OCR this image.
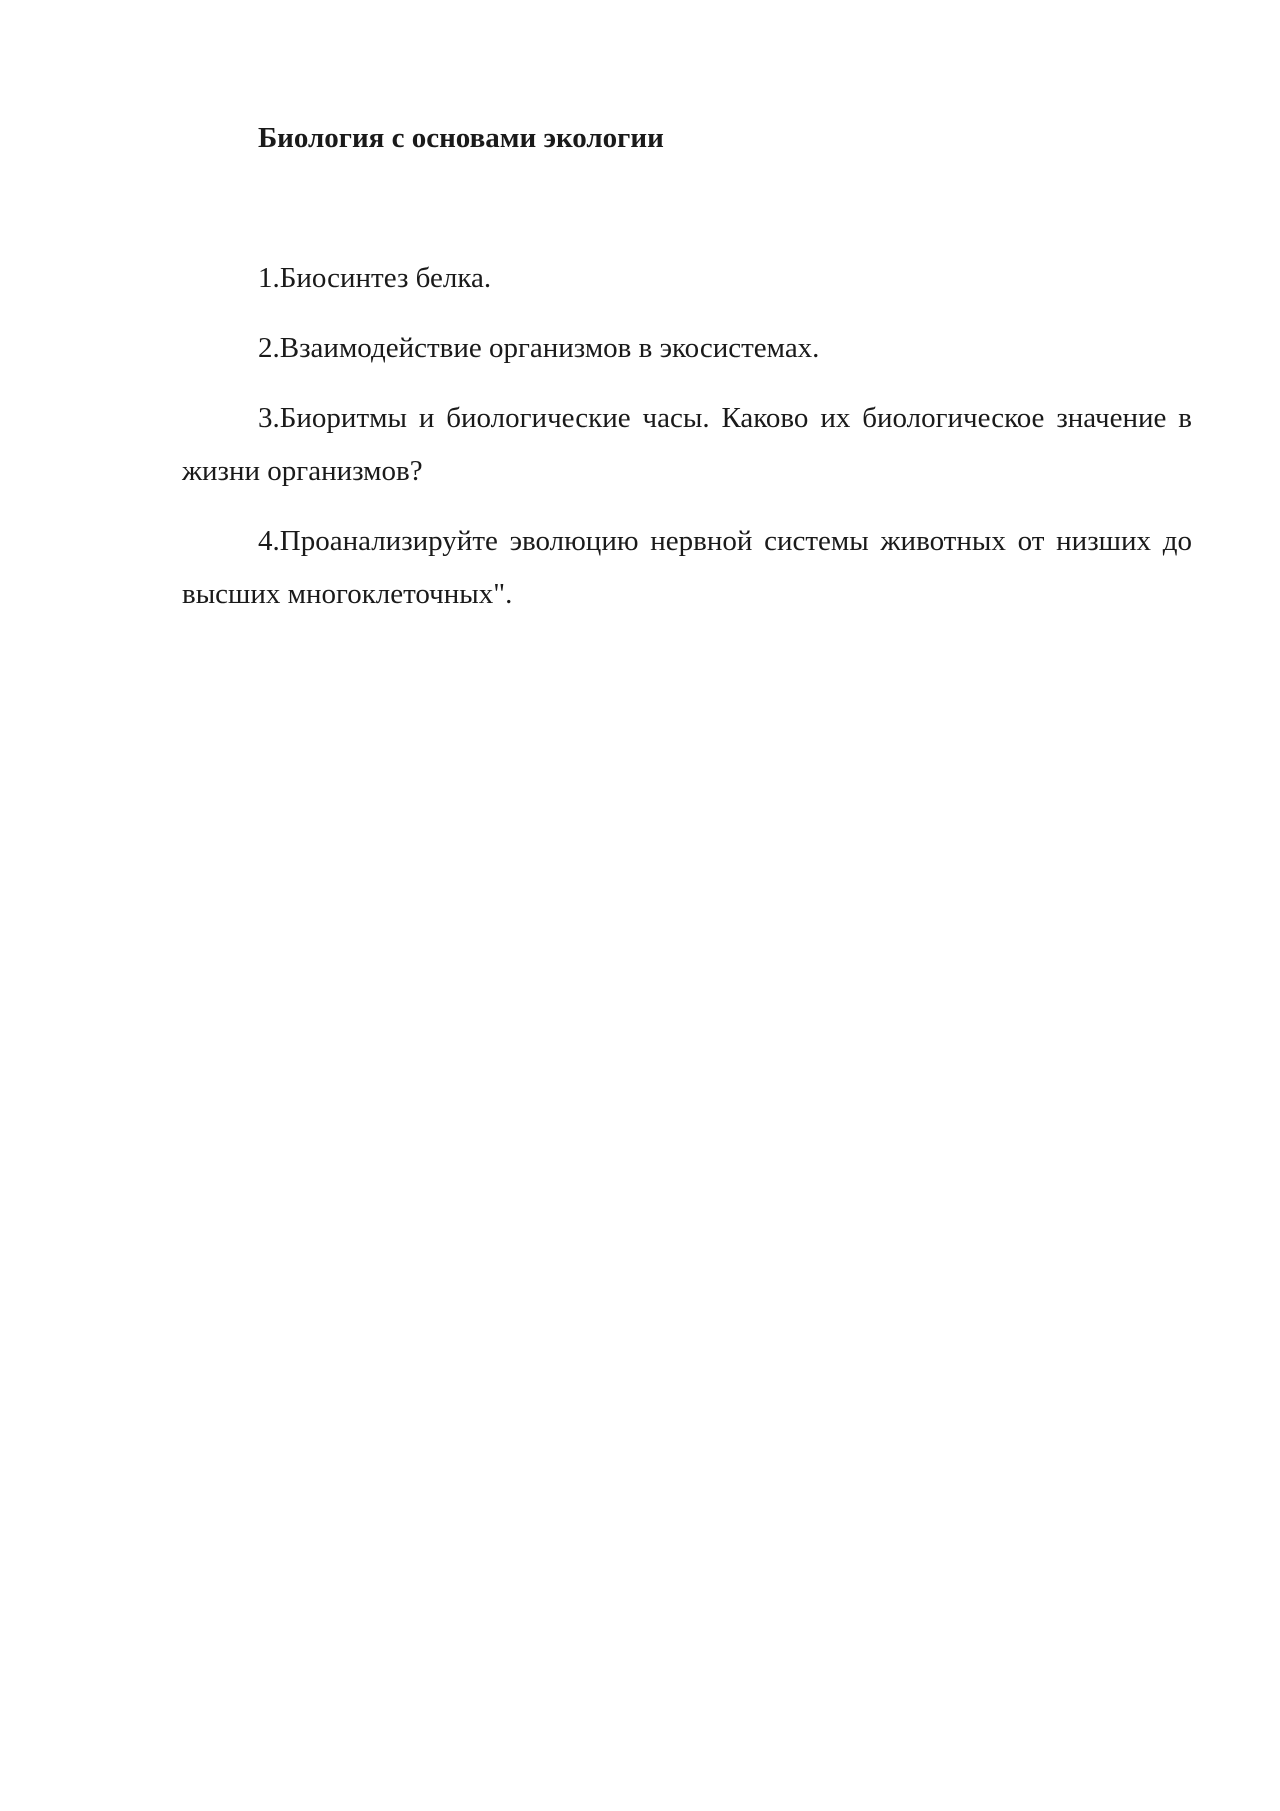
Биология с основами экологии

1.Биосинтез белка.

2.Взаимодействие организмов в экосистемах.

3.Биоритмы и биологические часы. Каково их биологическое значение в жизни организмов?

4.Проанализируйте эволюцию нервной системы животных от низших до высших многоклеточных".
